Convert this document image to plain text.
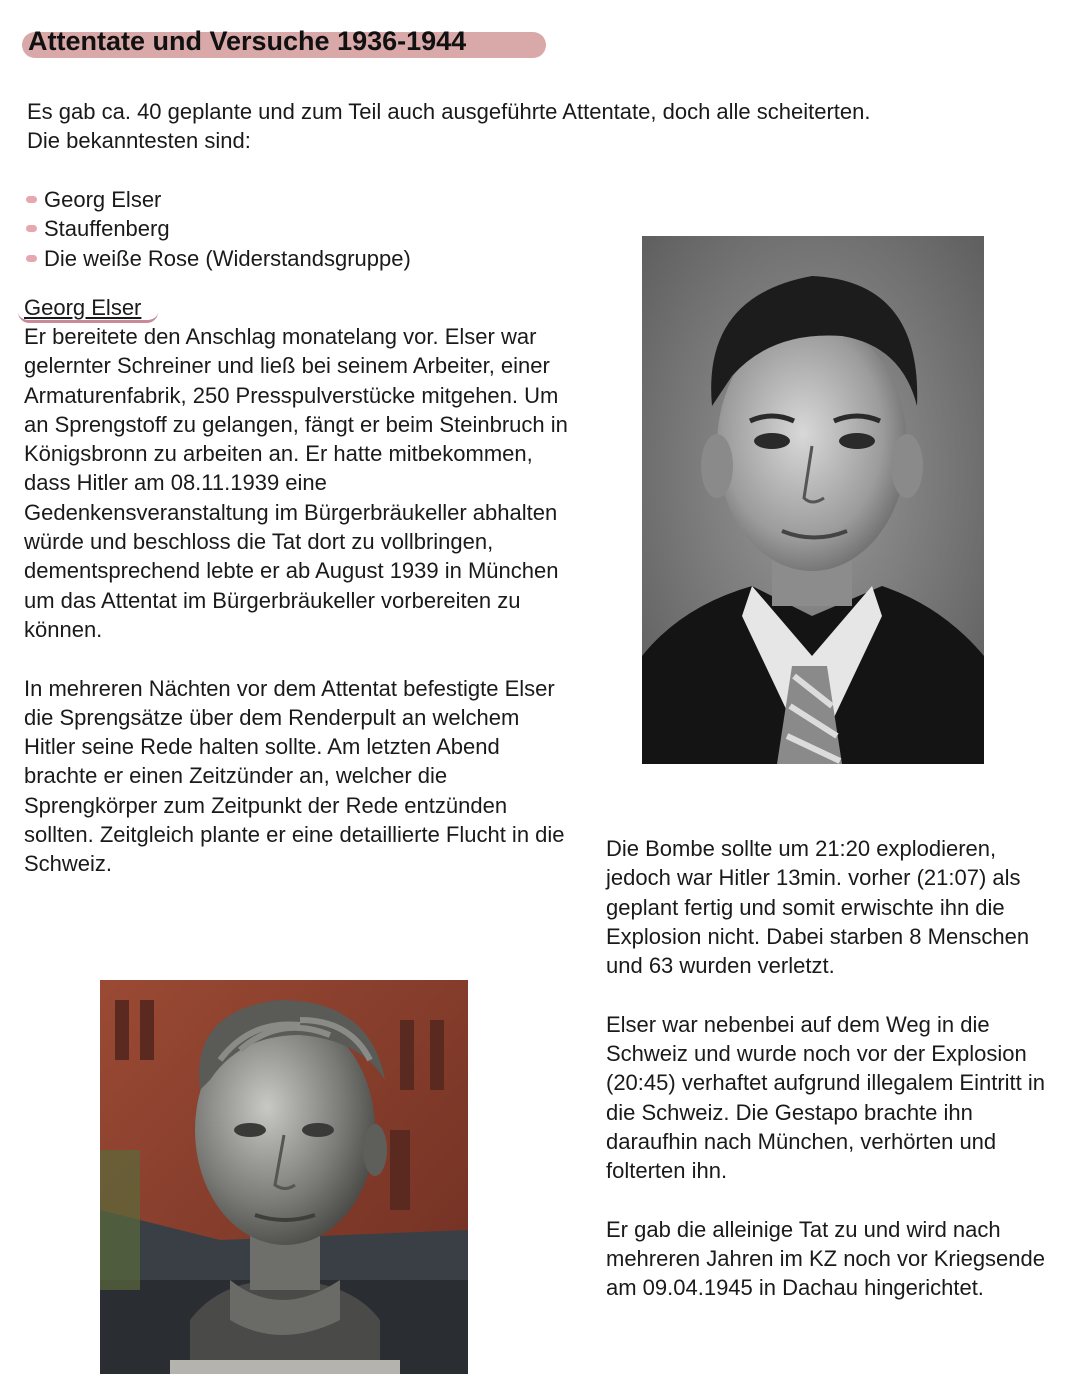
Attentate und Versuche 1936-1944
Es gab ca. 40 geplante und zum Teil auch ausgeführte Attentate, doch alle scheiterten.
Die bekanntesten sind:
Georg Elser
Stauffenberg
Die weiße Rose (Widerstandsgruppe)
Georg Elser

Er bereitete den Anschlag monatelang vor. Elser war gelernter Schreiner und ließ bei seinem Arbeiter, einer Armaturenfabrik, 250 Presspulverstücke mitgehen. Um an Sprengstoff zu gelangen, fängt er beim Steinbruch in Königsbronn zu arbeiten an. Er hatte mitbekommen, dass Hitler am 08.11.1939 eine Gedenkensveranstaltung im Bürgerbräukeller abhalten würde und beschloss die Tat dort zu vollbringen, dementsprechend lebte er ab August 1939 in München um das Attentat im Bürgerbräukeller vorbereiten zu können.

In mehreren Nächten vor dem Attentat befestigte Elser die Sprengsätze über dem Renderpult an welchem Hitler seine Rede halten sollte. Am letzten Abend brachte er einen Zeitzünder an, welcher die Sprengkörper zum Zeitpunkt der Rede entzünden sollten. Zeitgleich plante er eine detaillierte Flucht in die Schweiz.

Die Bombe sollte um 21:20 explodieren, jedoch war Hitler 13min. vorher (21:07) als geplant fertig und somit erwischte ihn die Explosion nicht. Dabei starben 8 Menschen und 63 wurden verletzt.

Elser war nebenbei auf dem Weg in die Schweiz und wurde noch vor der Explosion (20:45) verhaftet aufgrund illegalem Eintritt in die Schweiz. Die Gestapo brachte ihn daraufhin nach München, verhörten und folterten ihn.

Er gab die alleinige Tat zu und wird nach mehreren Jahren im KZ noch vor Kriegsende am 09.04.1945 in Dachau hingerichtet.
